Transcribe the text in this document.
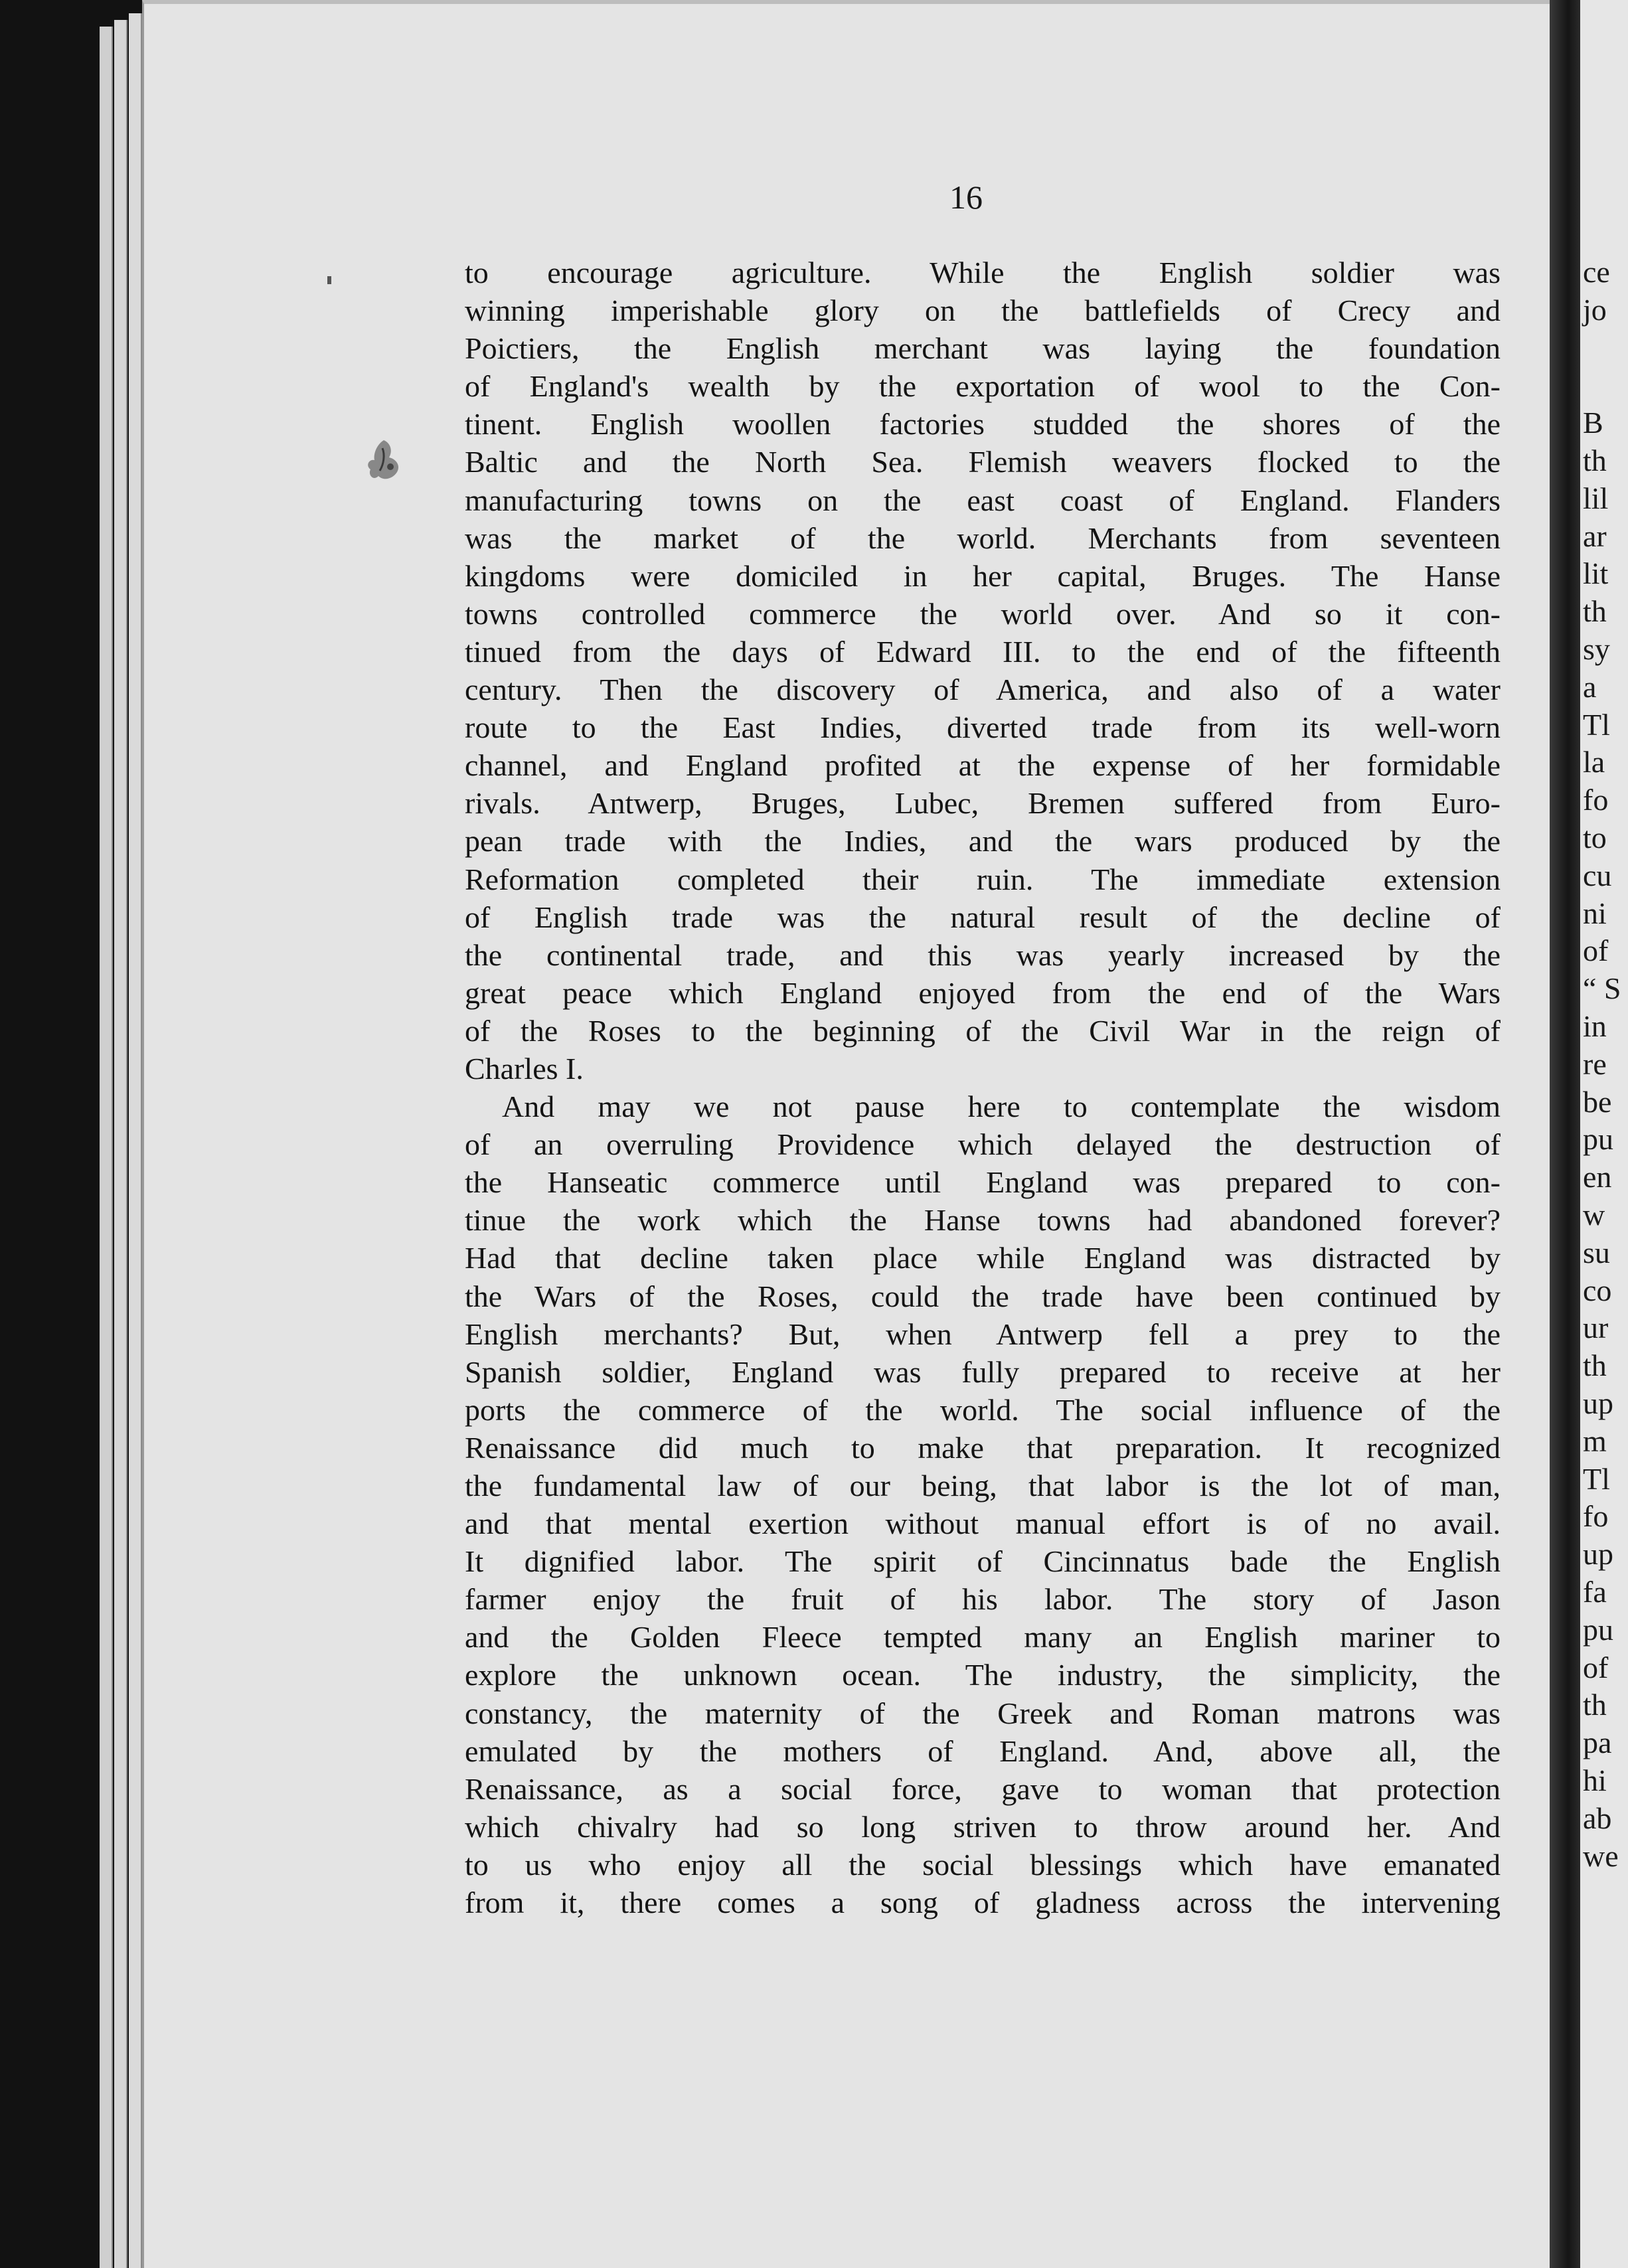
16
to encourage agriculture. While the English soldier was
winning imperishable glory on the battlefields of Crecy and
Poictiers, the English merchant was laying the foundation
of England's wealth by the exportation of wool to the Con-
tinent. English woollen factories studded the shores of the
Baltic and the North Sea. Flemish weavers flocked to the
manufacturing towns on the east coast of England. Flanders
was the market of the world. Merchants from seventeen
kingdoms were domiciled in her capital, Bruges. The Hanse
towns controlled commerce the world over. And so it con-
tinued from the days of Edward III. to the end of the fifteenth
century. Then the discovery of America, and also of a water
route to the East Indies, diverted trade from its well-worn
channel, and England profited at the expense of her formidable
rivals. Antwerp, Bruges, Lubec, Bremen suffered from Euro-
pean trade with the Indies, and the wars produced by the
Reformation completed their ruin. The immediate extension
of English trade was the natural result of the decline of
the continental trade, and this was yearly increased by the
great peace which England enjoyed from the end of the Wars
of the Roses to the beginning of the Civil War in the reign of
Charles I.
And may we not pause here to contemplate the wisdom
of an overruling Providence which delayed the destruction of
the Hanseatic commerce until England was prepared to con-
tinue the work which the Hanse towns had abandoned forever?
Had that decline taken place while England was distracted by
the Wars of the Roses, could the trade have been continued by
English merchants? But, when Antwerp fell a prey to the
Spanish soldier, England was fully prepared to receive at her
ports the commerce of the world. The social influence of the
Renaissance did much to make that preparation. It recognized
the fundamental law of our being, that labor is the lot of man,
and that mental exertion without manual effort is of no avail.
It dignified labor. The spirit of Cincinnatus bade the English
farmer enjoy the fruit of his labor. The story of Jason
and the Golden Fleece tempted many an English mariner to
explore the unknown ocean. The industry, the simplicity, the
constancy, the maternity of the Greek and Roman matrons was
emulated by the mothers of England. And, above all, the
Renaissance, as a social force, gave to woman that protection
which chivalry had so long striven to throw around her. And
to us who enjoy all the social blessings which have emanated
from it, there comes a song of gladness across the intervening
ce
jo
B
th
lil
ar
lit
th
sy
a
Tl
la
fo
to
cu
ni
of
“ S
in
re
be
pu
en
w
su
co
ur
th
up
m
Tl
fo
up
fa
pu
of
th
pa
hi
ab
we
